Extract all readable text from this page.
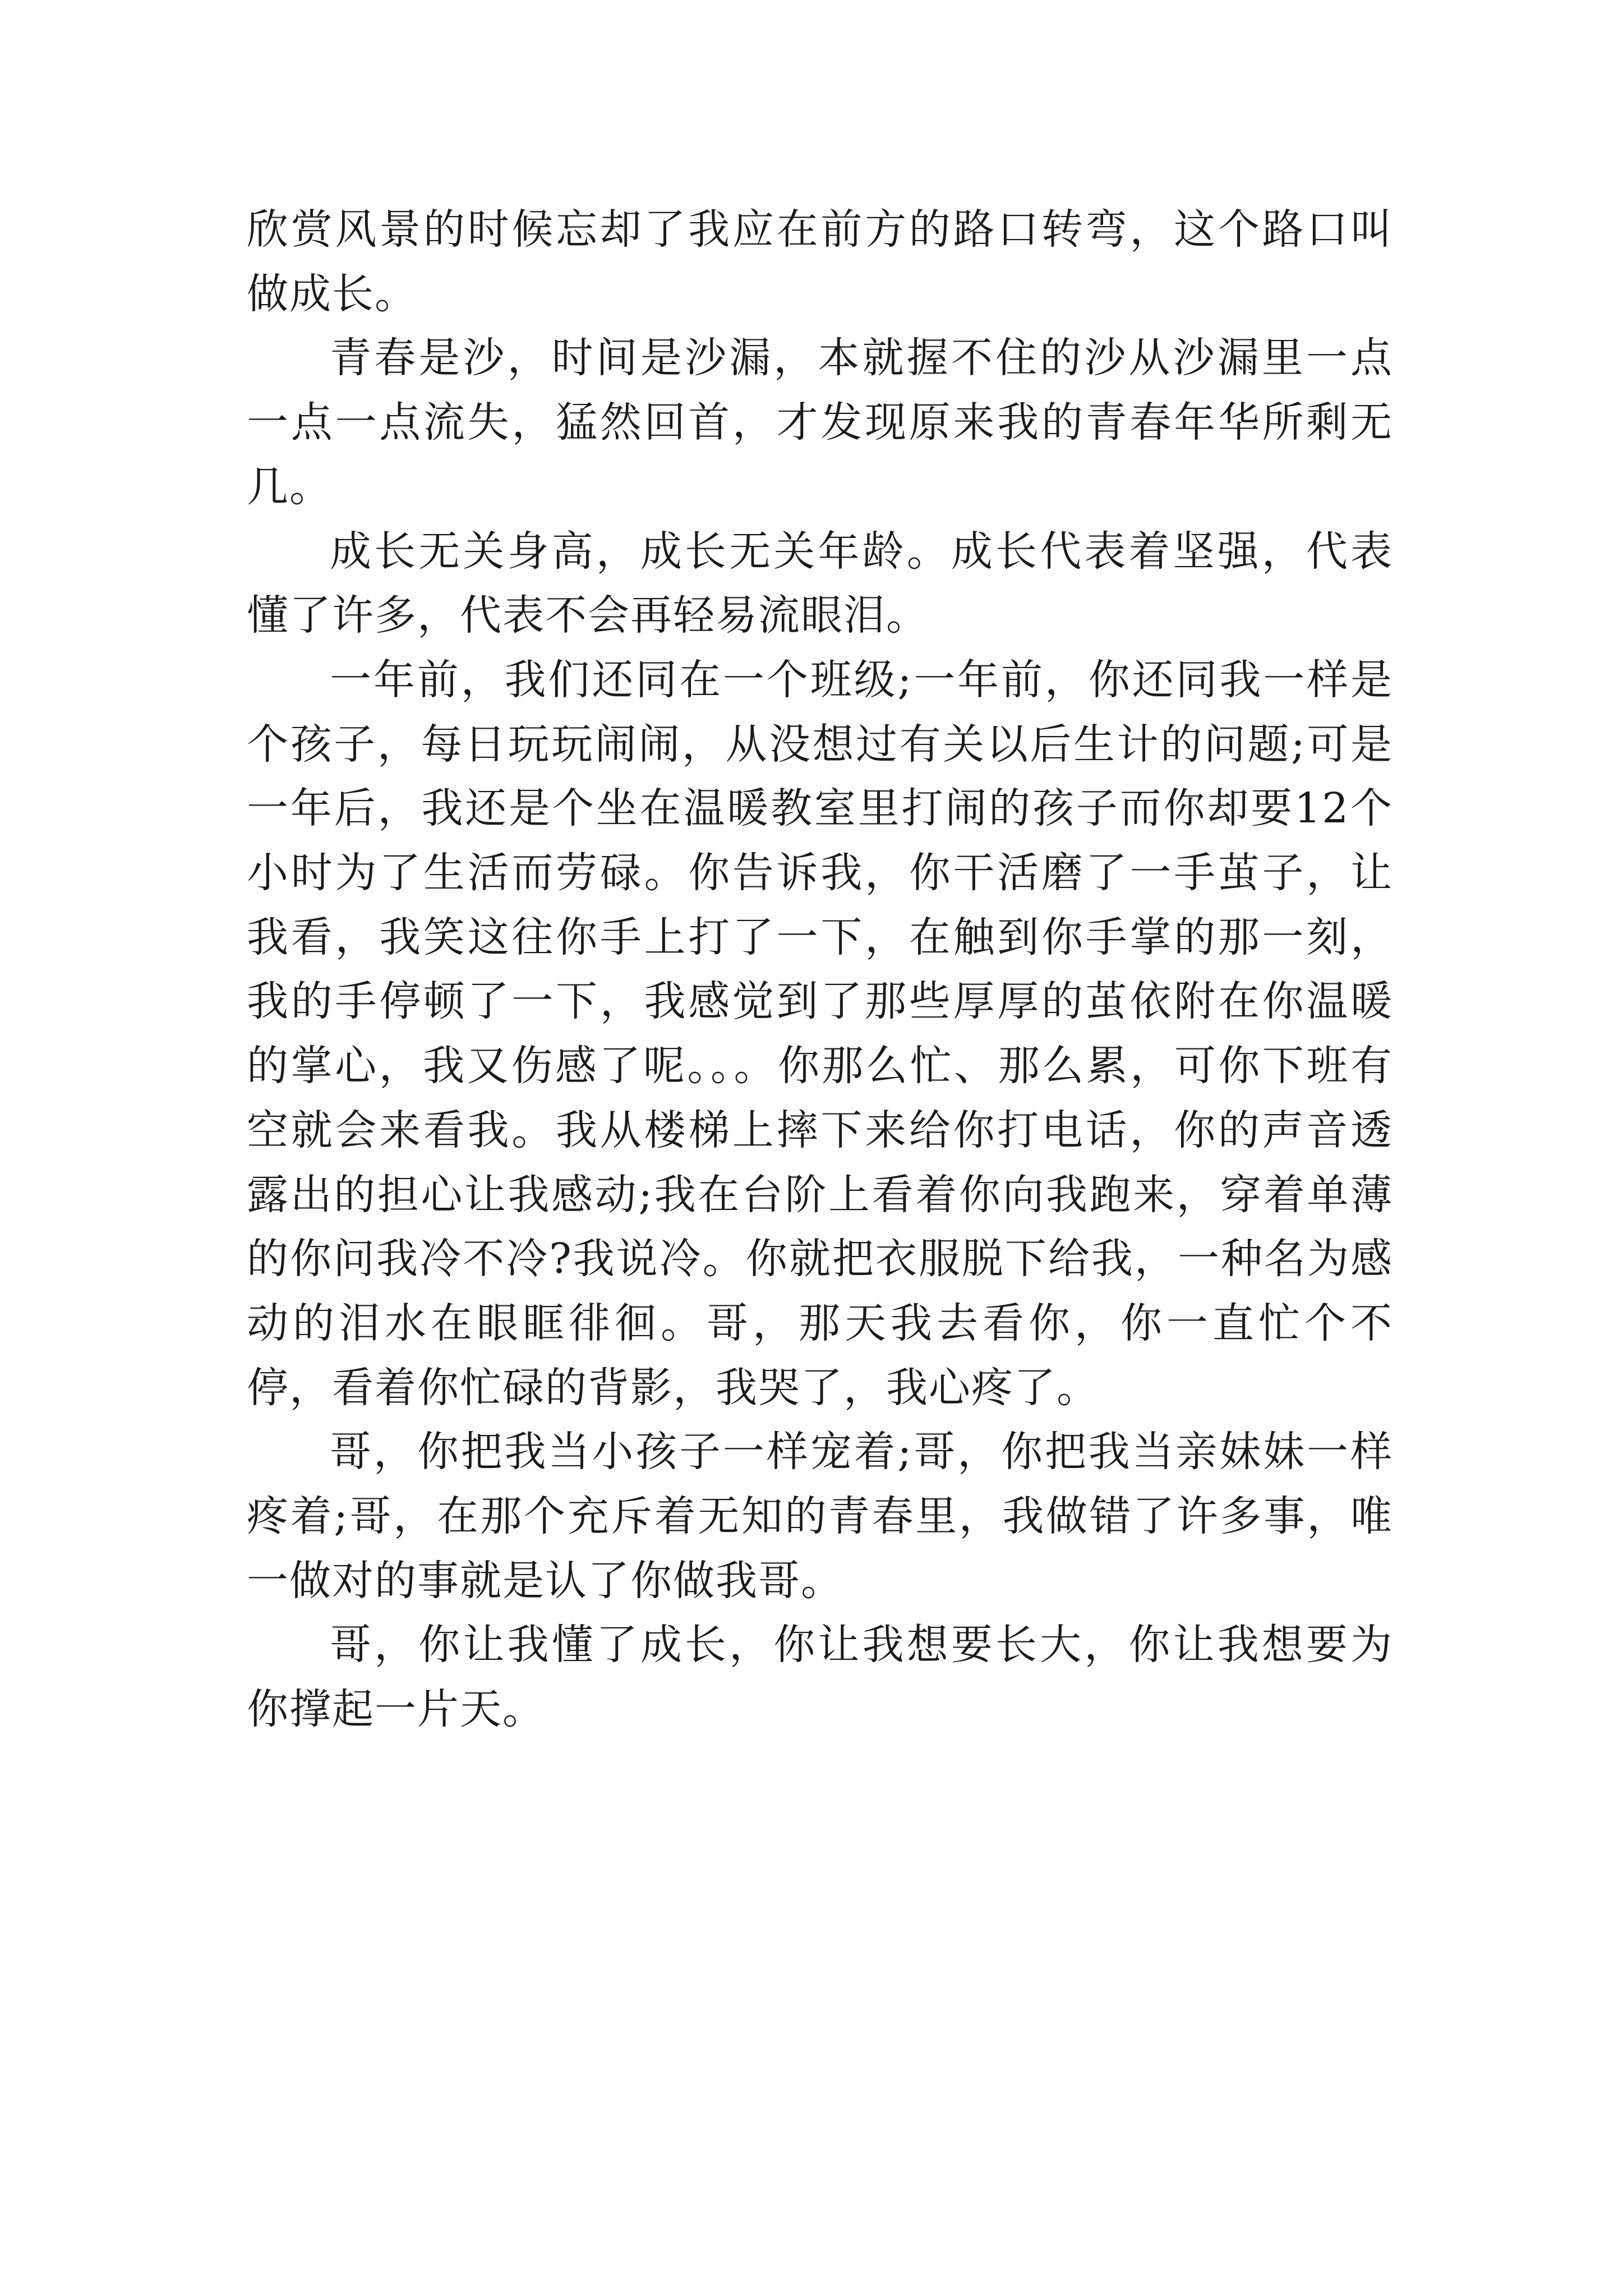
欣赏风景的时候忘却了我应在前方的路口转弯，这个路口叫做成长。

青春是沙，时间是沙漏，本就握不住的沙从沙漏里一点一点一点流失，猛然回首，才发现原来我的青春年华所剩无几。

成长无关身高，成长无关年龄。成长代表着坚强，代表懂了许多，代表不会再轻易流眼泪。

一年前，我们还同在一个班级;一年前，你还同我一样是个孩子，每日玩玩闹闹，从没想过有关以后生计的问题;可是一年后，我还是个坐在温暖教室里打闹的孩子而你却要12个小时为了生活而劳碌。你告诉我，你干活磨了一手茧子，让我看，我笑这往你手上打了一下，在触到你手掌的那一刻，我的手停顿了一下，我感觉到了那些厚厚的茧依附在你温暖的掌心，我又伤感了呢。。。你那么忙、那么累，可你下班有空就会来看我。我从楼梯上摔下来给你打电话，你的声音透露出的担心让我感动;我在台阶上看着你向我跑来，穿着单薄的你问我冷不冷?我说冷。你就把衣服脱下给我，一种名为感动的泪水在眼眶徘徊。哥，那天我去看你，你一直忙个不停，看着你忙碌的背影，我哭了，我心疼了。

哥，你把我当小孩子一样宠着;哥，你把我当亲妹妹一样疼着;哥，在那个充斥着无知的青春里，我做错了许多事，唯一做对的事就是认了你做我哥。

哥，你让我懂了成长，你让我想要长大，你让我想要为你撑起一片天。
